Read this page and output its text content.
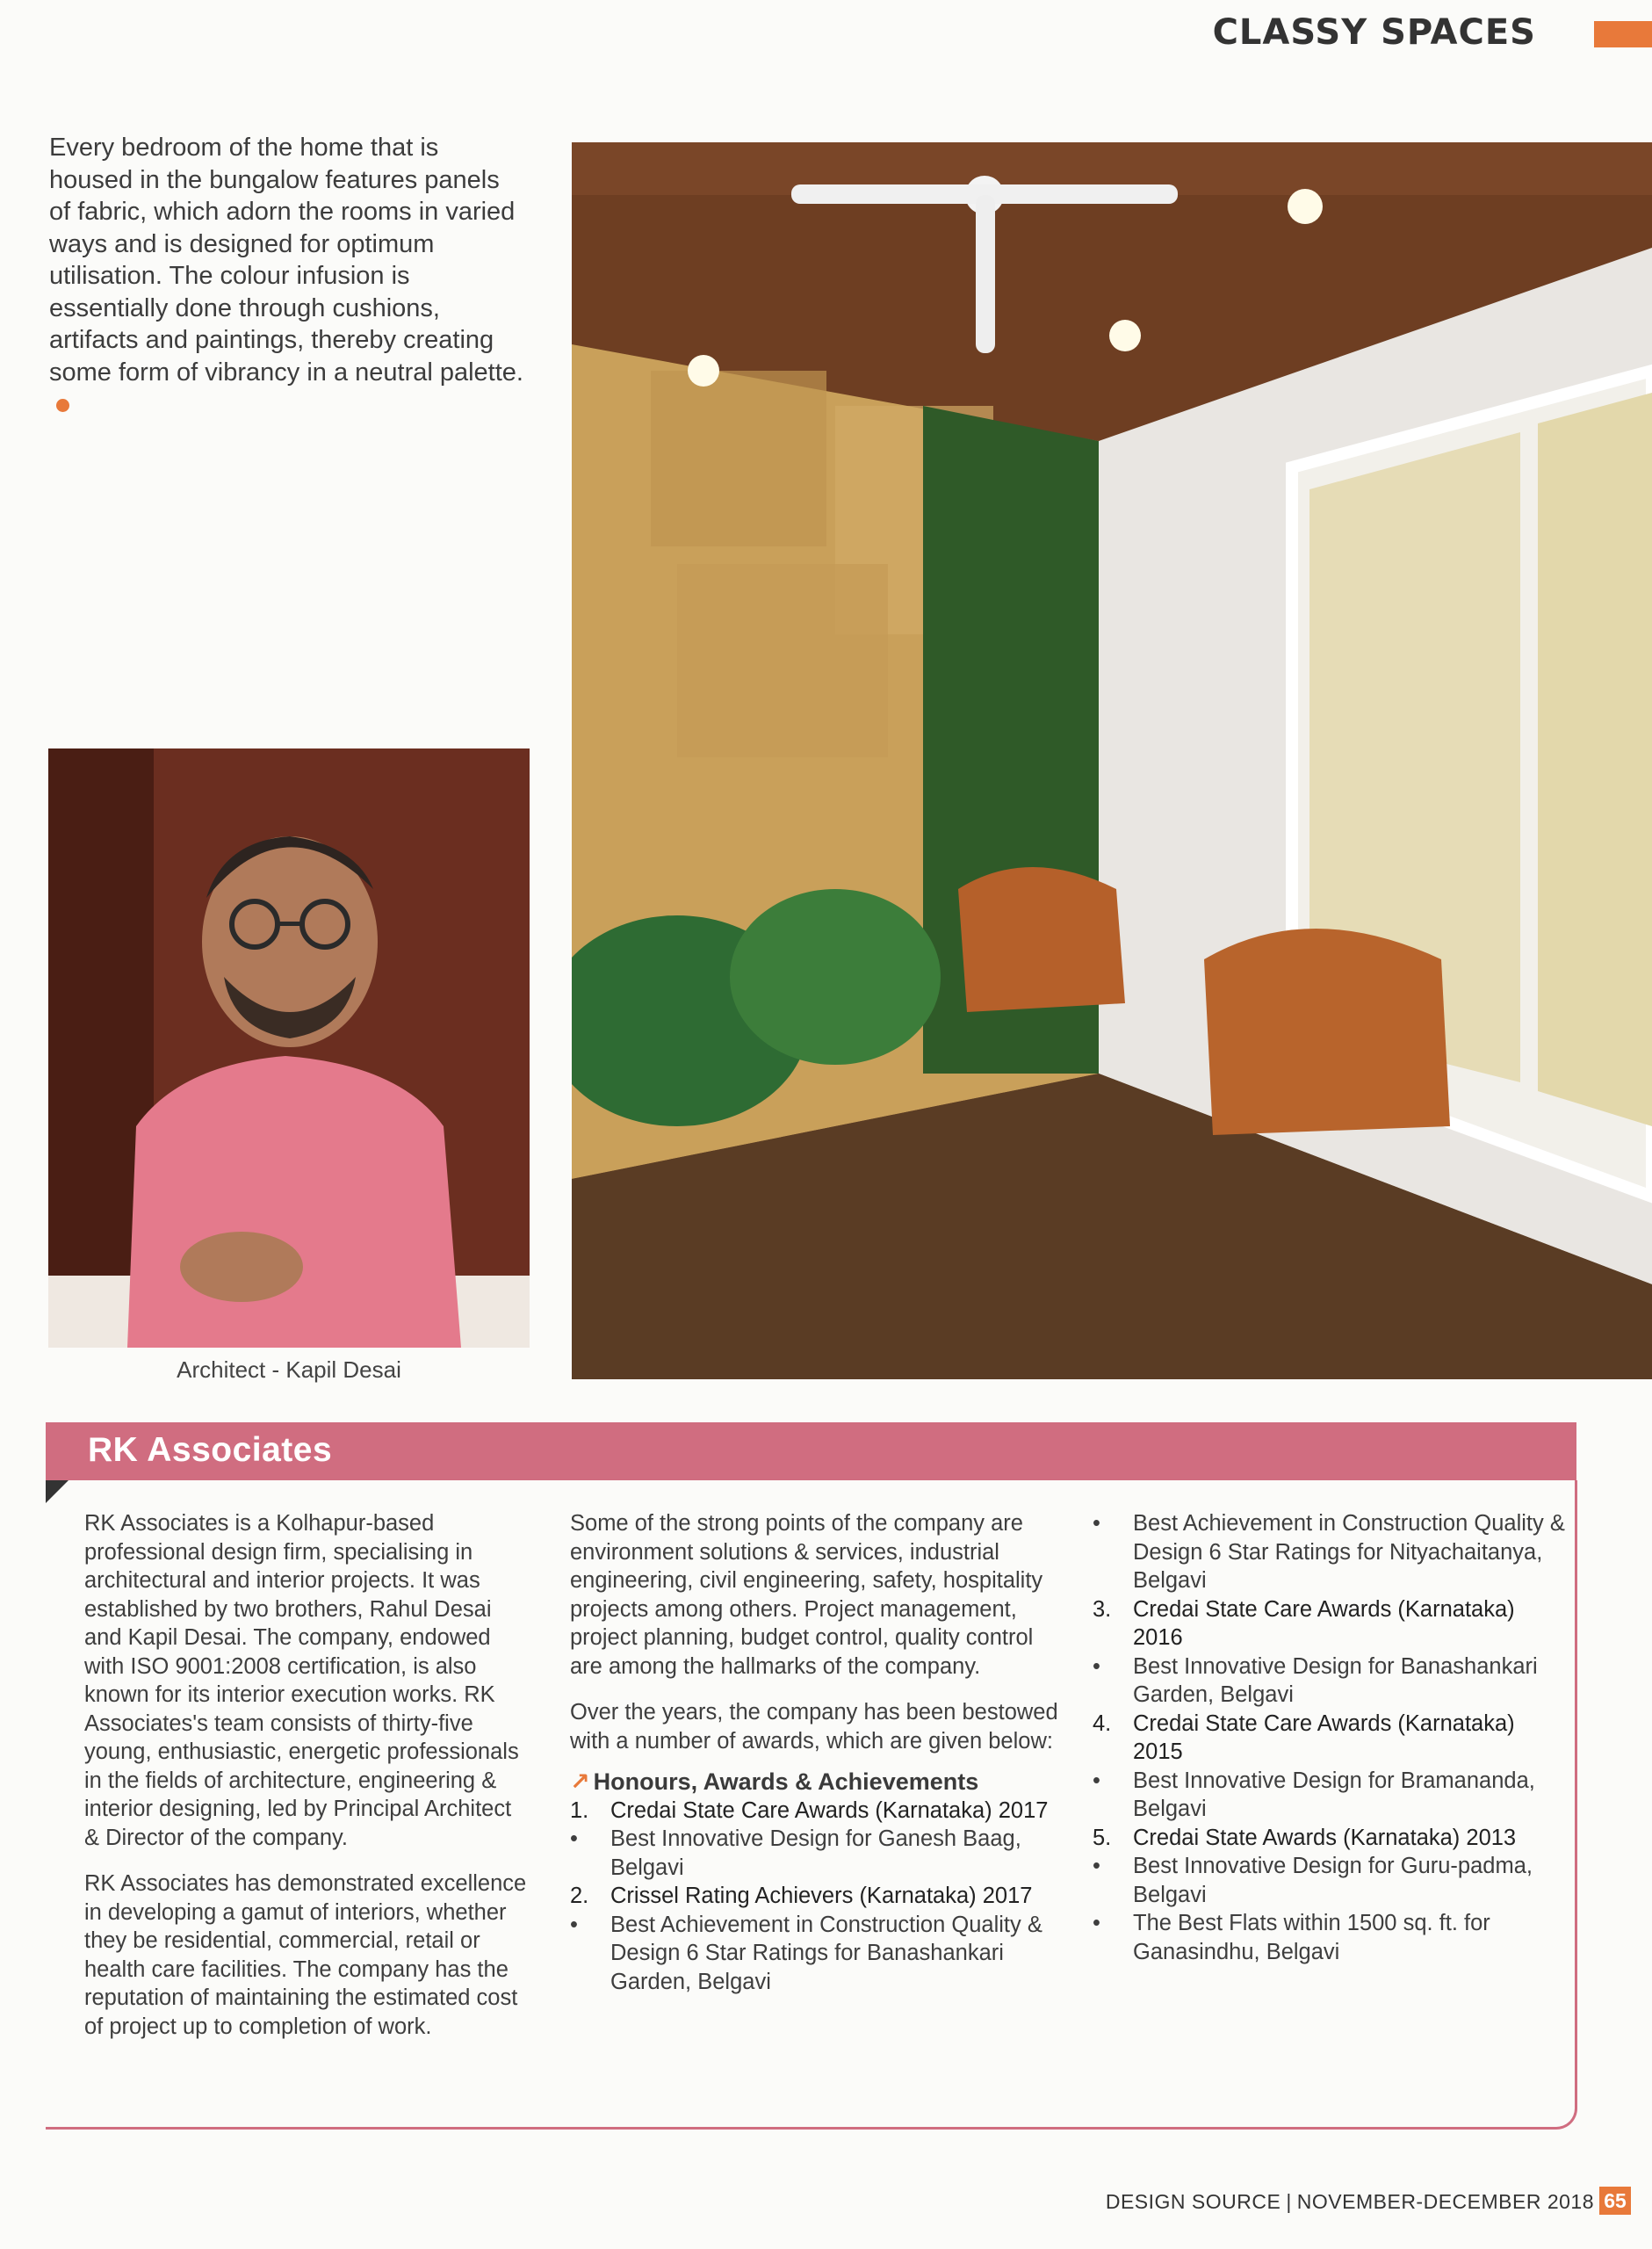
CLASSY SPACES
Every bedroom of the home that is housed in the bungalow features panels of fabric, which adorn the rooms in varied ways and is designed for optimum utilisation. The colour infusion is essentially done through cushions, artifacts and paintings, thereby creating some form of vibrancy in a neutral palette.
Architect - Kapil Desai
RK Associates

RK Associates is a Kolhapur-based professional design firm, specialising in architectural and interior projects. It was established by two brothers, Rahul Desai and Kapil Desai. The company, endowed with ISO 9001:2008 certification, is also known for its interior execution works. RK Associates's team consists of thirty-five young, enthusiastic, energetic professionals in the fields of architecture, engineering & interior designing, led by Principal Architect & Director of the company.

RK Associates has demonstrated excellence in developing a gamut of interiors, whether they be residential, commercial, retail or health care facilities. The company has the reputation of maintaining the estimated cost of project up to completion of work.

Some of the strong points of the company are environment solutions & services, industrial engineering, civil engineering, safety, hospitality projects among others. Project management, project planning, budget control, quality control are among the hallmarks of the company.

Over the years, the company has been bestowed with a number of awards, which are given below:

↗ Honours, Awards & Achievements
1. Credai State Care Awards (Karnataka) 2017
•	Best Innovative Design for Ganesh Baag, Belgavi
2. Crissel Rating Achievers (Karnataka) 2017
•	Best Achievement in Construction Quality & Design 6 Star Ratings for Banashankari Garden, Belgavi
•	Best Achievement in Construction Quality & Design 6 Star Ratings for Nityachaitanya, Belgavi
3. Credai State Care Awards (Karnataka) 2016
•	Best Innovative Design for Banashankari Garden, Belgavi
4. Credai State Care Awards (Karnataka) 2015
•	Best Innovative Design for Bramananda, Belgavi
5. Credai State Awards (Karnataka) 2013
•	Best Innovative Design for Guru-padma, Belgavi
•	The Best Flats within 1500 sq. ft. for Ganasindhu, Belgavi
DESIGN SOURCE | NOVEMBER-DECEMBER 2018 65
